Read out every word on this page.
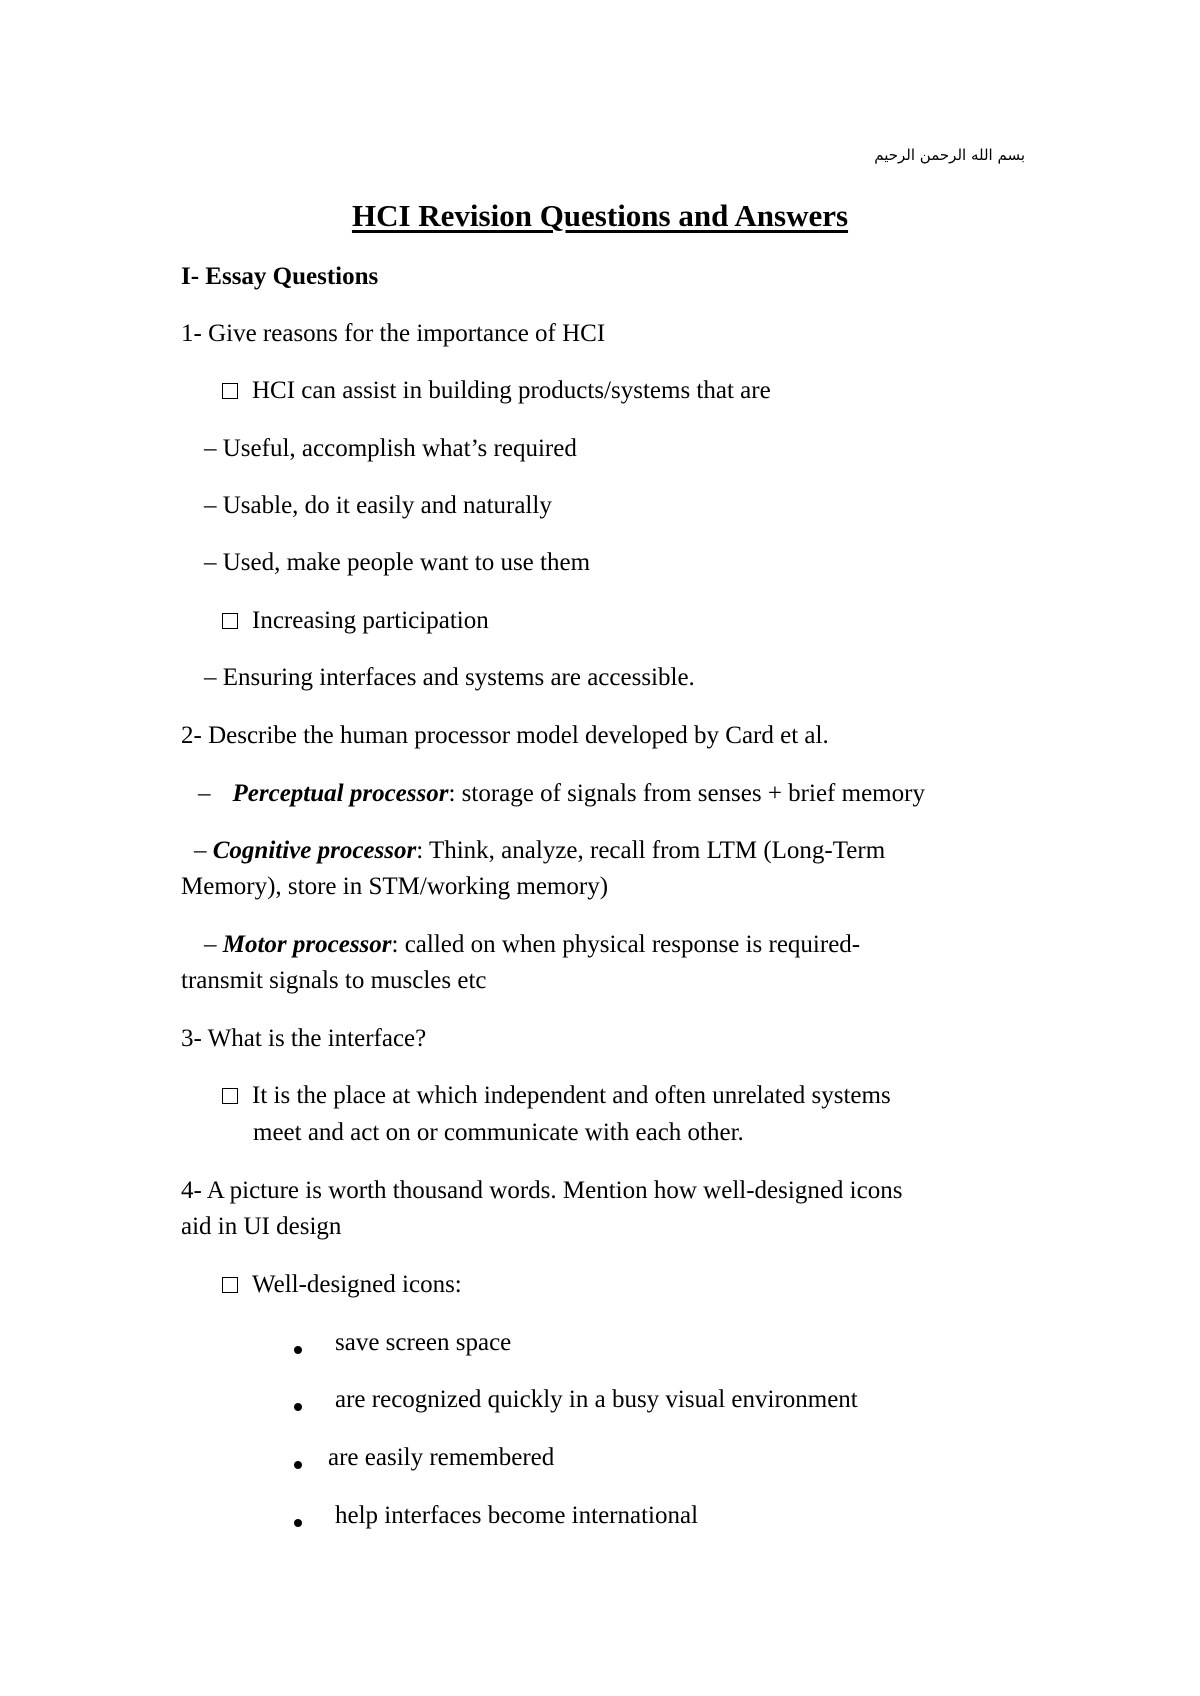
بسم الله الرحمن الرحيم
HCI Revision Questions and Answers
I- Essay Questions
1- Give reasons for the importance of HCI
HCI can assist in building products/systems that are
– Useful, accomplish what’s required
– Usable, do it easily and naturally
– Used, make people want to use them
Increasing participation
– Ensuring interfaces and systems are accessible.
2- Describe the human processor model developed by Card et al.
– Perceptual processor: storage of signals from senses + brief memory
– Cognitive processor: Think, analyze, recall from LTM (Long-Term
Memory), store in STM/working memory)
– Motor processor: called on when physical response is required-
transmit signals to muscles etc
3- What is the interface?
It is the place at which independent and often unrelated systems
meet and act on or communicate with each other.
4- A picture is worth thousand words. Mention how well-designed icons
aid in UI design
Well-designed icons:
save screen space
are recognized quickly in a busy visual environment
are easily remembered
help interfaces become international
